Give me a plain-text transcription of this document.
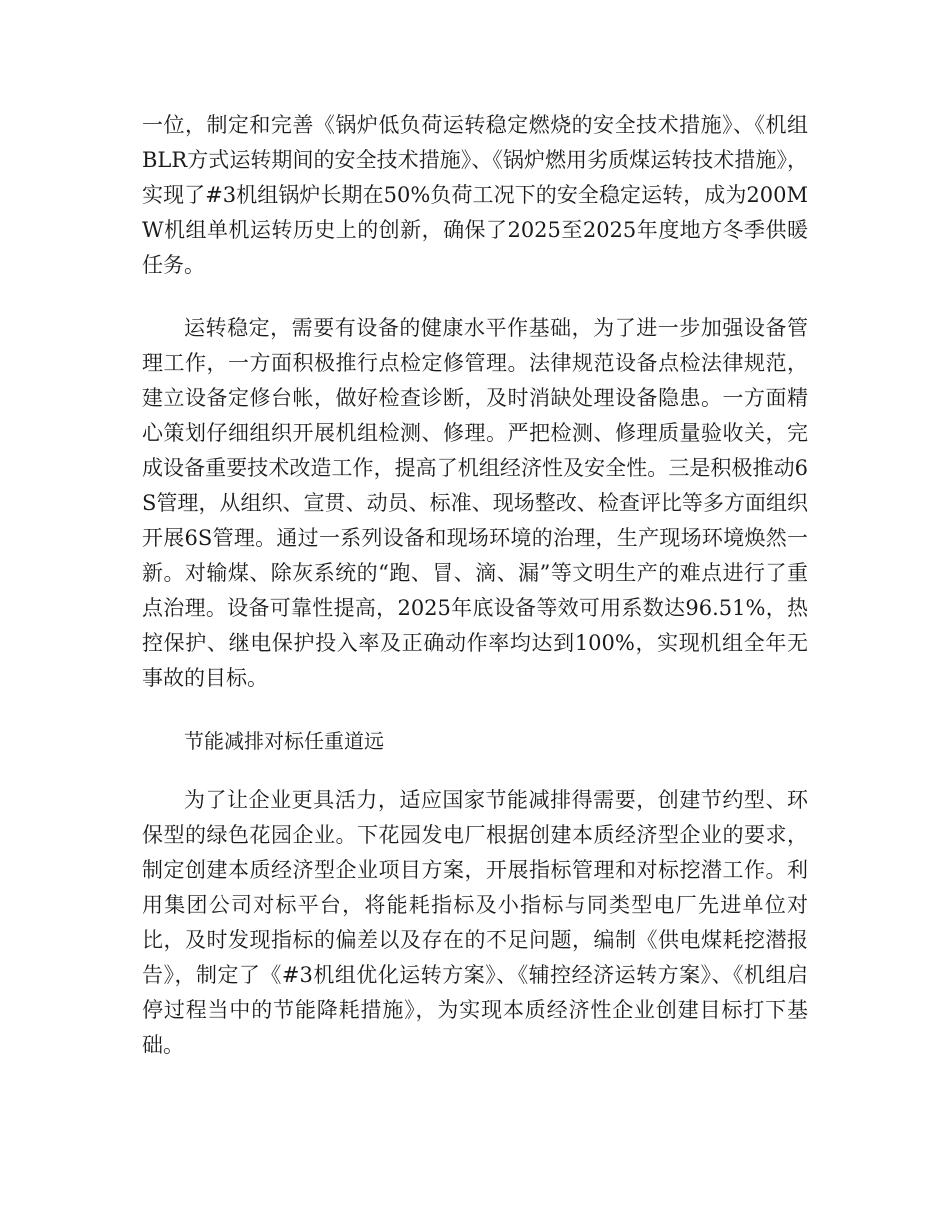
一位，制定和完善《锅炉低负荷运转稳定燃烧的安全技术措施》、《机组BLR方式运转期间的安全技术措施》、《锅炉燃用劣质煤运转技术措施》，实现了#3机组锅炉长期在50%负荷工况下的安全稳定运转，成为200MW机组单机运转历史上的创新，确保了2025至2025年度地方冬季供暖任务。

运转稳定，需要有设备的健康水平作基础，为了进一步加强设备管理工作，一方面积极推行点检定修管理。法律规范设备点检法律规范，建立设备定修台帐，做好检查诊断，及时消缺处理设备隐患。一方面精心策划仔细组织开展机组检测、修理。严把检测、修理质量验收关，完成设备重要技术改造工作，提高了机组经济性及安全性。三是积极推动6S管理，从组织、宣贯、动员、标准、现场整改、检查评比等多方面组织开展6S管理。通过一系列设备和现场环境的治理，生产现场环境焕然一新。对输煤、除灰系统的“跑、冒、滴、漏”等文明生产的难点进行了重点治理。设备可靠性提高，2025年底设备等效可用系数达96.51%，热控保护、继电保护投入率及正确动作率均达到100%，实现机组全年无事故的目标。

节能减排对标任重道远

为了让企业更具活力，适应国家节能减排得需要，创建节约型、环保型的绿色花园企业。下花园发电厂根据创建本质经济型企业的要求，制定创建本质经济型企业项目方案，开展指标管理和对标挖潜工作。利用集团公司对标平台，将能耗指标及小指标与同类型电厂先进单位对比，及时发现指标的偏差以及存在的不足问题，编制《供电煤耗挖潜报告》，制定了《#3机组优化运转方案》、《辅控经济运转方案》、《机组启停过程当中的节能降耗措施》，为实现本质经济性企业创建目标打下基础。
